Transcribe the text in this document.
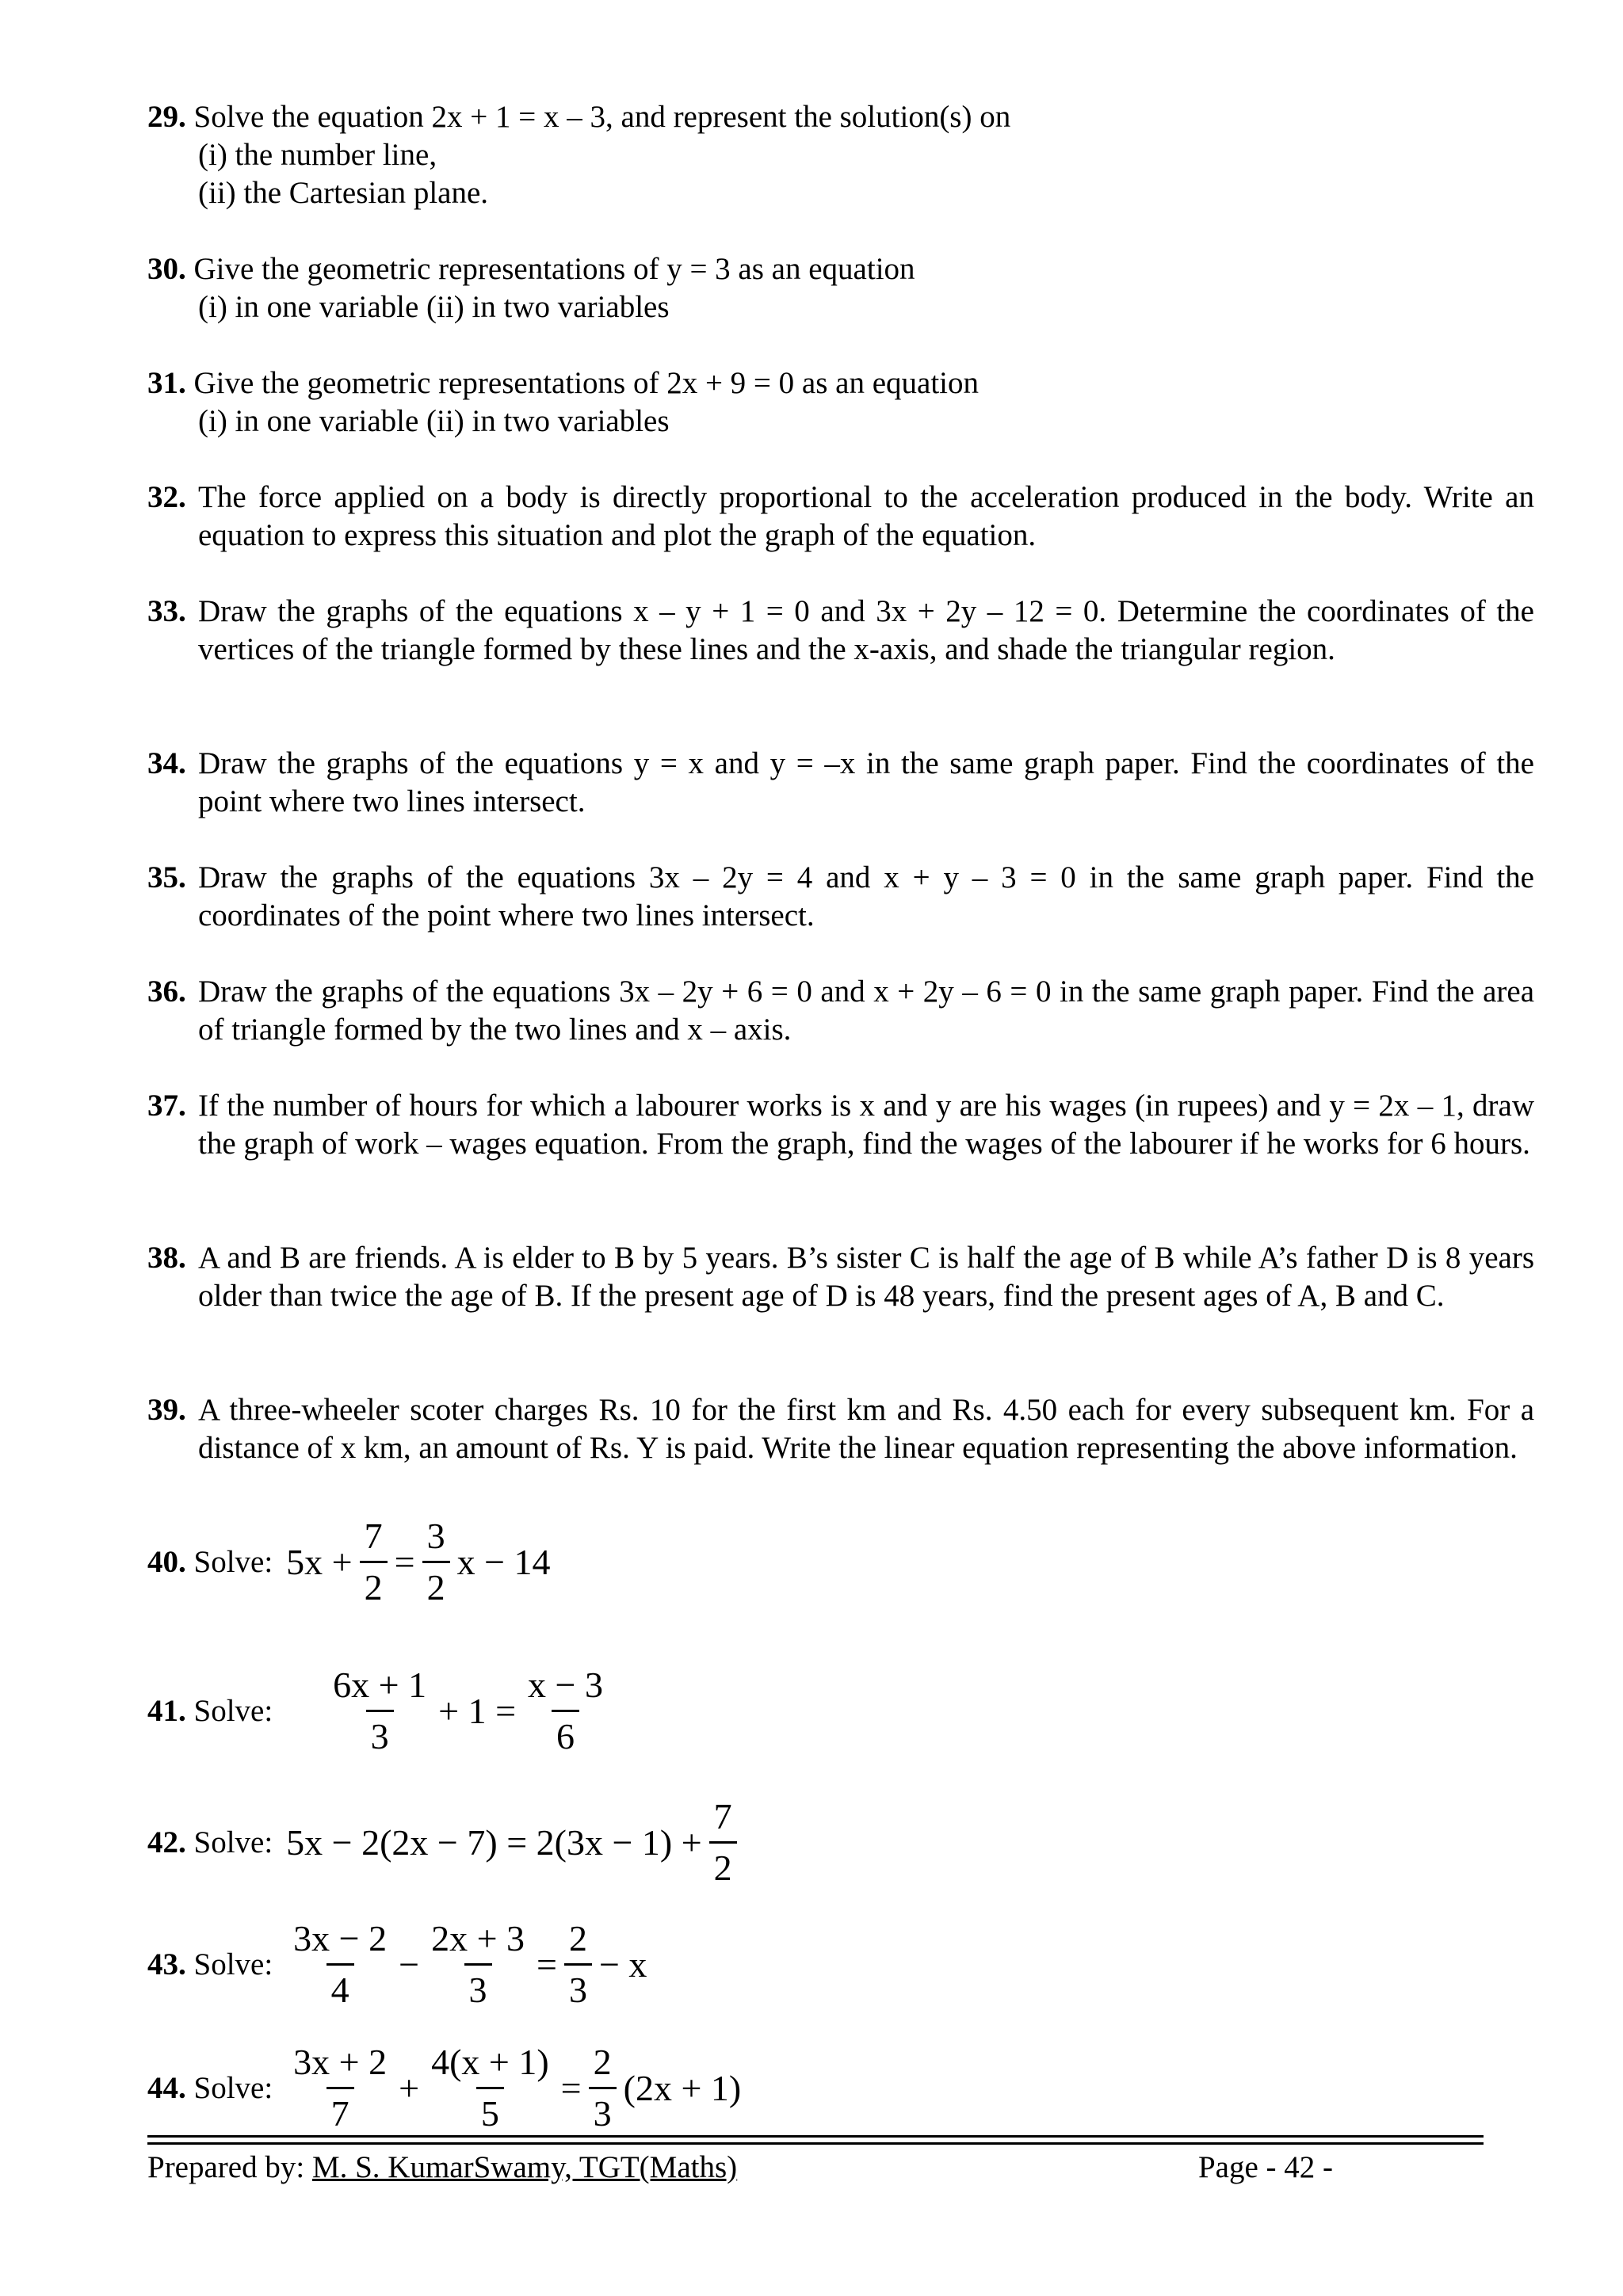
29. Solve the equation 2x + 1 = x – 3, and represent the solution(s) on
(i) the number line,
(ii) the Cartesian plane.
30. Give the geometric representations of y = 3 as an equation
(i) in one variable (ii) in two variables
31. Give the geometric representations of 2x + 9 = 0 as an equation
(i) in one variable (ii) in two variables
32. The force applied on a body is directly proportional to the acceleration produced in the body. Write an equation to express this situation and plot the graph of the equation.
33. Draw the graphs of the equations x – y + 1 = 0 and 3x + 2y – 12 = 0. Determine the coordinates of the vertices of the triangle formed by these lines and the x-axis, and shade the triangular region.
34. Draw the graphs of the equations y = x and y = –x in the same graph paper. Find the coordinates of the point where two lines intersect.
35. Draw the graphs of the equations 3x – 2y = 4 and x + y – 3 = 0 in the same graph paper. Find the coordinates of the point where two lines intersect.
36. Draw the graphs of the equations 3x – 2y + 6 = 0 and x + 2y – 6 = 0 in the same graph paper. Find the area of triangle formed by the two lines and x – axis.
37. If the number of hours for which a labourer works is x and y are his wages (in rupees) and y = 2x – 1, draw the graph of work – wages equation. From the graph, find the wages of the labourer if he works for 6 hours.
38. A and B are friends. A is elder to B by 5 years. B’s sister C is half the age of B while A’s father D is 8 years older than twice the age of B. If the present age of D is 48 years, find the present ages of A, B and C.
39. A three-wheeler scoter charges Rs. 10 for the first km and Rs. 4.50 each for every subsequent km. For a distance of x km, an amount of Rs. Y is paid. Write the linear equation representing the above information.
40. Solve: $5x + \frac{7}{2} = \frac{3}{2}$ x − 14
41. Solve: $\frac{6x + 1}{3} + 1 = \frac{x - 3}{6}$
42. Solve: $5x - 2(2x - 7) = 2(3x - 1) + \frac{7}{2}$
43. Solve: $\frac{3x - 2}{4} - \frac{2x + 3}{3} = \frac{2}{3} - x$
44. Solve: $\frac{3x + 2}{7} + \frac{4(x + 1)}{5} = \frac{2}{3} (2x + 1)$
Prepared by: M. S. KumarSwamy, TGT(Maths)	Page - 42 -
